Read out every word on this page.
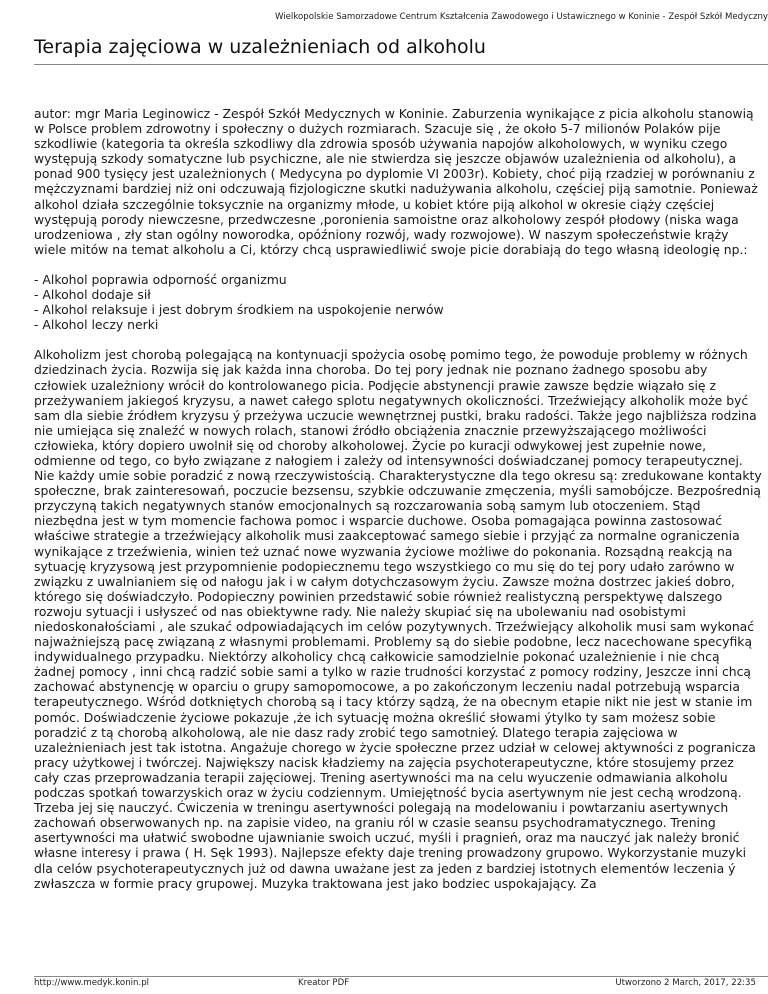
Wielkopolskie Samorzadowe Centrum Kształcenia Zawodowego i Ustawicznego w Koninie - Zespół Szkół Medyczny
Terapia zajęciowa w uzależnieniach od alkoholu

autor: mgr Maria Leginowicz - Zespół Szkół Medycznych w Koninie. Zaburzenia wynikające z picia alkoholu stanowią w Polsce problem zdrowotny i społeczny o dużych rozmiarach. Szacuje się , że około 5-7 milionów Polaków pije szkodliwie (kategoria ta określa szkodliwy dla zdrowia sposób używania napojów alkoholowych, w wyniku czego występują szkody somatyczne lub psychiczne, ale nie stwierdza się jeszcze objawów uzależnienia od alkoholu), a ponad 900 tysięcy jest uzależnionych ( Medycyna po dyplomie VI 2003r). Kobiety, choć piją rzadziej w porównaniu z mężczyznami bardziej niż oni odczuwają fizjologiczne skutki nadużywania alkoholu, częściej piją samotnie. Ponieważ alkohol działa szczególnie toksycznie na organizmy młode, u kobiet które piją alkohol w okresie ciąży częściej występują porody niewczesne, przedwczesne ,poronienia samoistne oraz alkoholowy zespół płodowy (niska waga urodzeniowa , zły stan ogólny noworodka, opóźniony rozwój, wady rozwojowe). W naszym społeczeństwie krąży wiele mitów na temat alkoholu a Ci, którzy chcą usprawiedliwić swoje picie dorabiają do tego własną ideologię np.:

- Alkohol poprawia odporność organizmu
- Alkohol dodaje sił
- Alkohol relaksuje i jest dobrym środkiem na uspokojenie nerwów
- Alkohol leczy nerki

Alkoholizm jest chorobą polegającą na kontynuacji spożycia osobę pomimo tego, że powoduje problemy w różnych dziedzinach życia. Rozwija się jak każda inna choroba. Do tej pory jednak nie poznano żadnego sposobu aby człowiek uzależniony wrócił do kontrolowanego picia. Podjęcie abstynencji prawie zawsze będzie wiązało się z przeżywaniem jakiegoś kryzysu, a nawet całego splotu negatywnych okoliczności. Trzeźwiejący alkoholik może być sam dla siebie źródłem kryzysu ý przeżywa uczucie wewnętrznej pustki, braku radości. Także jego najbliższa rodzina nie umiejąca się znaleźć w nowych rolach, stanowi źródło obciążenia znacznie przewyższającego możliwości człowieka, który dopiero uwolnił się od choroby alkoholowej. Życie po kuracji odwykowej jest zupełnie nowe, odmienne od tego, co było związane z nałogiem i zależy od intensywności doświadczanej pomocy terapeutycznej. Nie każdy umie sobie poradzić z nową rzeczywistością. Charakterystyczne dla tego okresu są: zredukowane kontakty społeczne, brak zainteresowań, poczucie bezsensu, szybkie odczuwanie zmęczenia, myśli samobójcze. Bezpośrednią przyczyną takich negatywnych stanów emocjonalnych są rozczarowania sobą samym lub otoczeniem. Stąd niezbędna jest w tym momencie fachowa pomoc i wsparcie duchowe. Osoba pomagająca powinna zastosować właściwe strategie a trzeźwiejący alkoholik musi zaakceptować samego siebie i przyjąć za normalne ograniczenia wynikające z trzeźwienia, winien też uznać nowe wyzwania życiowe możliwe do pokonania. Rozsądną reakcją na sytuację kryzysową jest przypomnienie podopiecznemu tego wszystkiego co mu się do tej pory udało zarówno w związku z uwalnianiem się od nałogu jak i w całym dotychczasowym życiu. Zawsze można dostrzec jakieś dobro, którego się doświadczyło. Podopieczny powinien przedstawić sobie również realistyczną perspektywę dalszego rozwoju sytuacji i usłyszeć od nas obiektywne rady. Nie należy skupiać się na ubolewaniu nad osobistymi niedoskonałościami , ale szukać odpowiadających im celów pozytywnych. Trzeźwiejący alkoholik musi sam wykonać najważniejszą pacę związaną z własnymi problemami. Problemy są do siebie podobne, lecz nacechowane specyfiką indywidualnego przypadku. Niektórzy alkoholicy chcą całkowicie samodzielnie pokonać uzależnienie i nie chcą żadnej pomocy , inni chcą radzić sobie sami a tylko w razie trudności korzystać z pomocy rodziny, Jeszcze inni chcą zachować abstynencję w oparciu o grupy samopomocowe, a po zakończonym leczeniu nadal potrzebują wsparcia terapeutycznego. Wśród dotkniętych chorobą są i tacy którzy sądzą, że na obecnym etapie nikt nie jest w stanie im pomóc. Doświadczenie życiowe pokazuje ,że ich sytuację można określić słowami ýtylko ty sam możesz sobie poradzić z tą chorobą alkoholową, ale nie dasz rady zrobić tego samotnieý. Dlatego terapia zajęciowa w uzależnieniach jest tak istotna. Angażuje chorego w życie społeczne przez udział w celowej aktywności z pogranicza pracy użytkowej i twórczej. Największy nacisk kładziemy na zajęcia psychoterapeutyczne, które stosujemy przez cały czas przeprowadzania terapii zajęciowej. Trening asertywności ma na celu wyuczenie odmawiania alkoholu podczas spotkań towarzyskich oraz w życiu codziennym. Umiejętność bycia asertywnym nie jest cechą wrodzoną. Trzeba jej się nauczyć. Ćwiczenia w treningu asertywności polegają na modelowaniu i powtarzaniu asertywnych zachowań obserwowanych np. na zapisie video, na graniu ról w czasie seansu psychodramatycznego. Trening asertywności ma ułatwić swobodne ujawnianie swoich uczuć, myśli i pragnień, oraz ma nauczyć jak należy bronić własne interesy i prawa ( H. Sęk 1993). Najlepsze efekty daje trening prowadzony grupowo. Wykorzystanie muzyki dla celów psychoterapeutycznych już od dawna uważane jest za jeden z bardziej istotnych elementów leczenia ý zwłaszcza w formie pracy grupowej. Muzyka traktowana jest jako bodziec uspokajający. Za

http://www.medyk.konin.pl	Kreator PDF	Utworzono 2 March, 2017, 22:35
